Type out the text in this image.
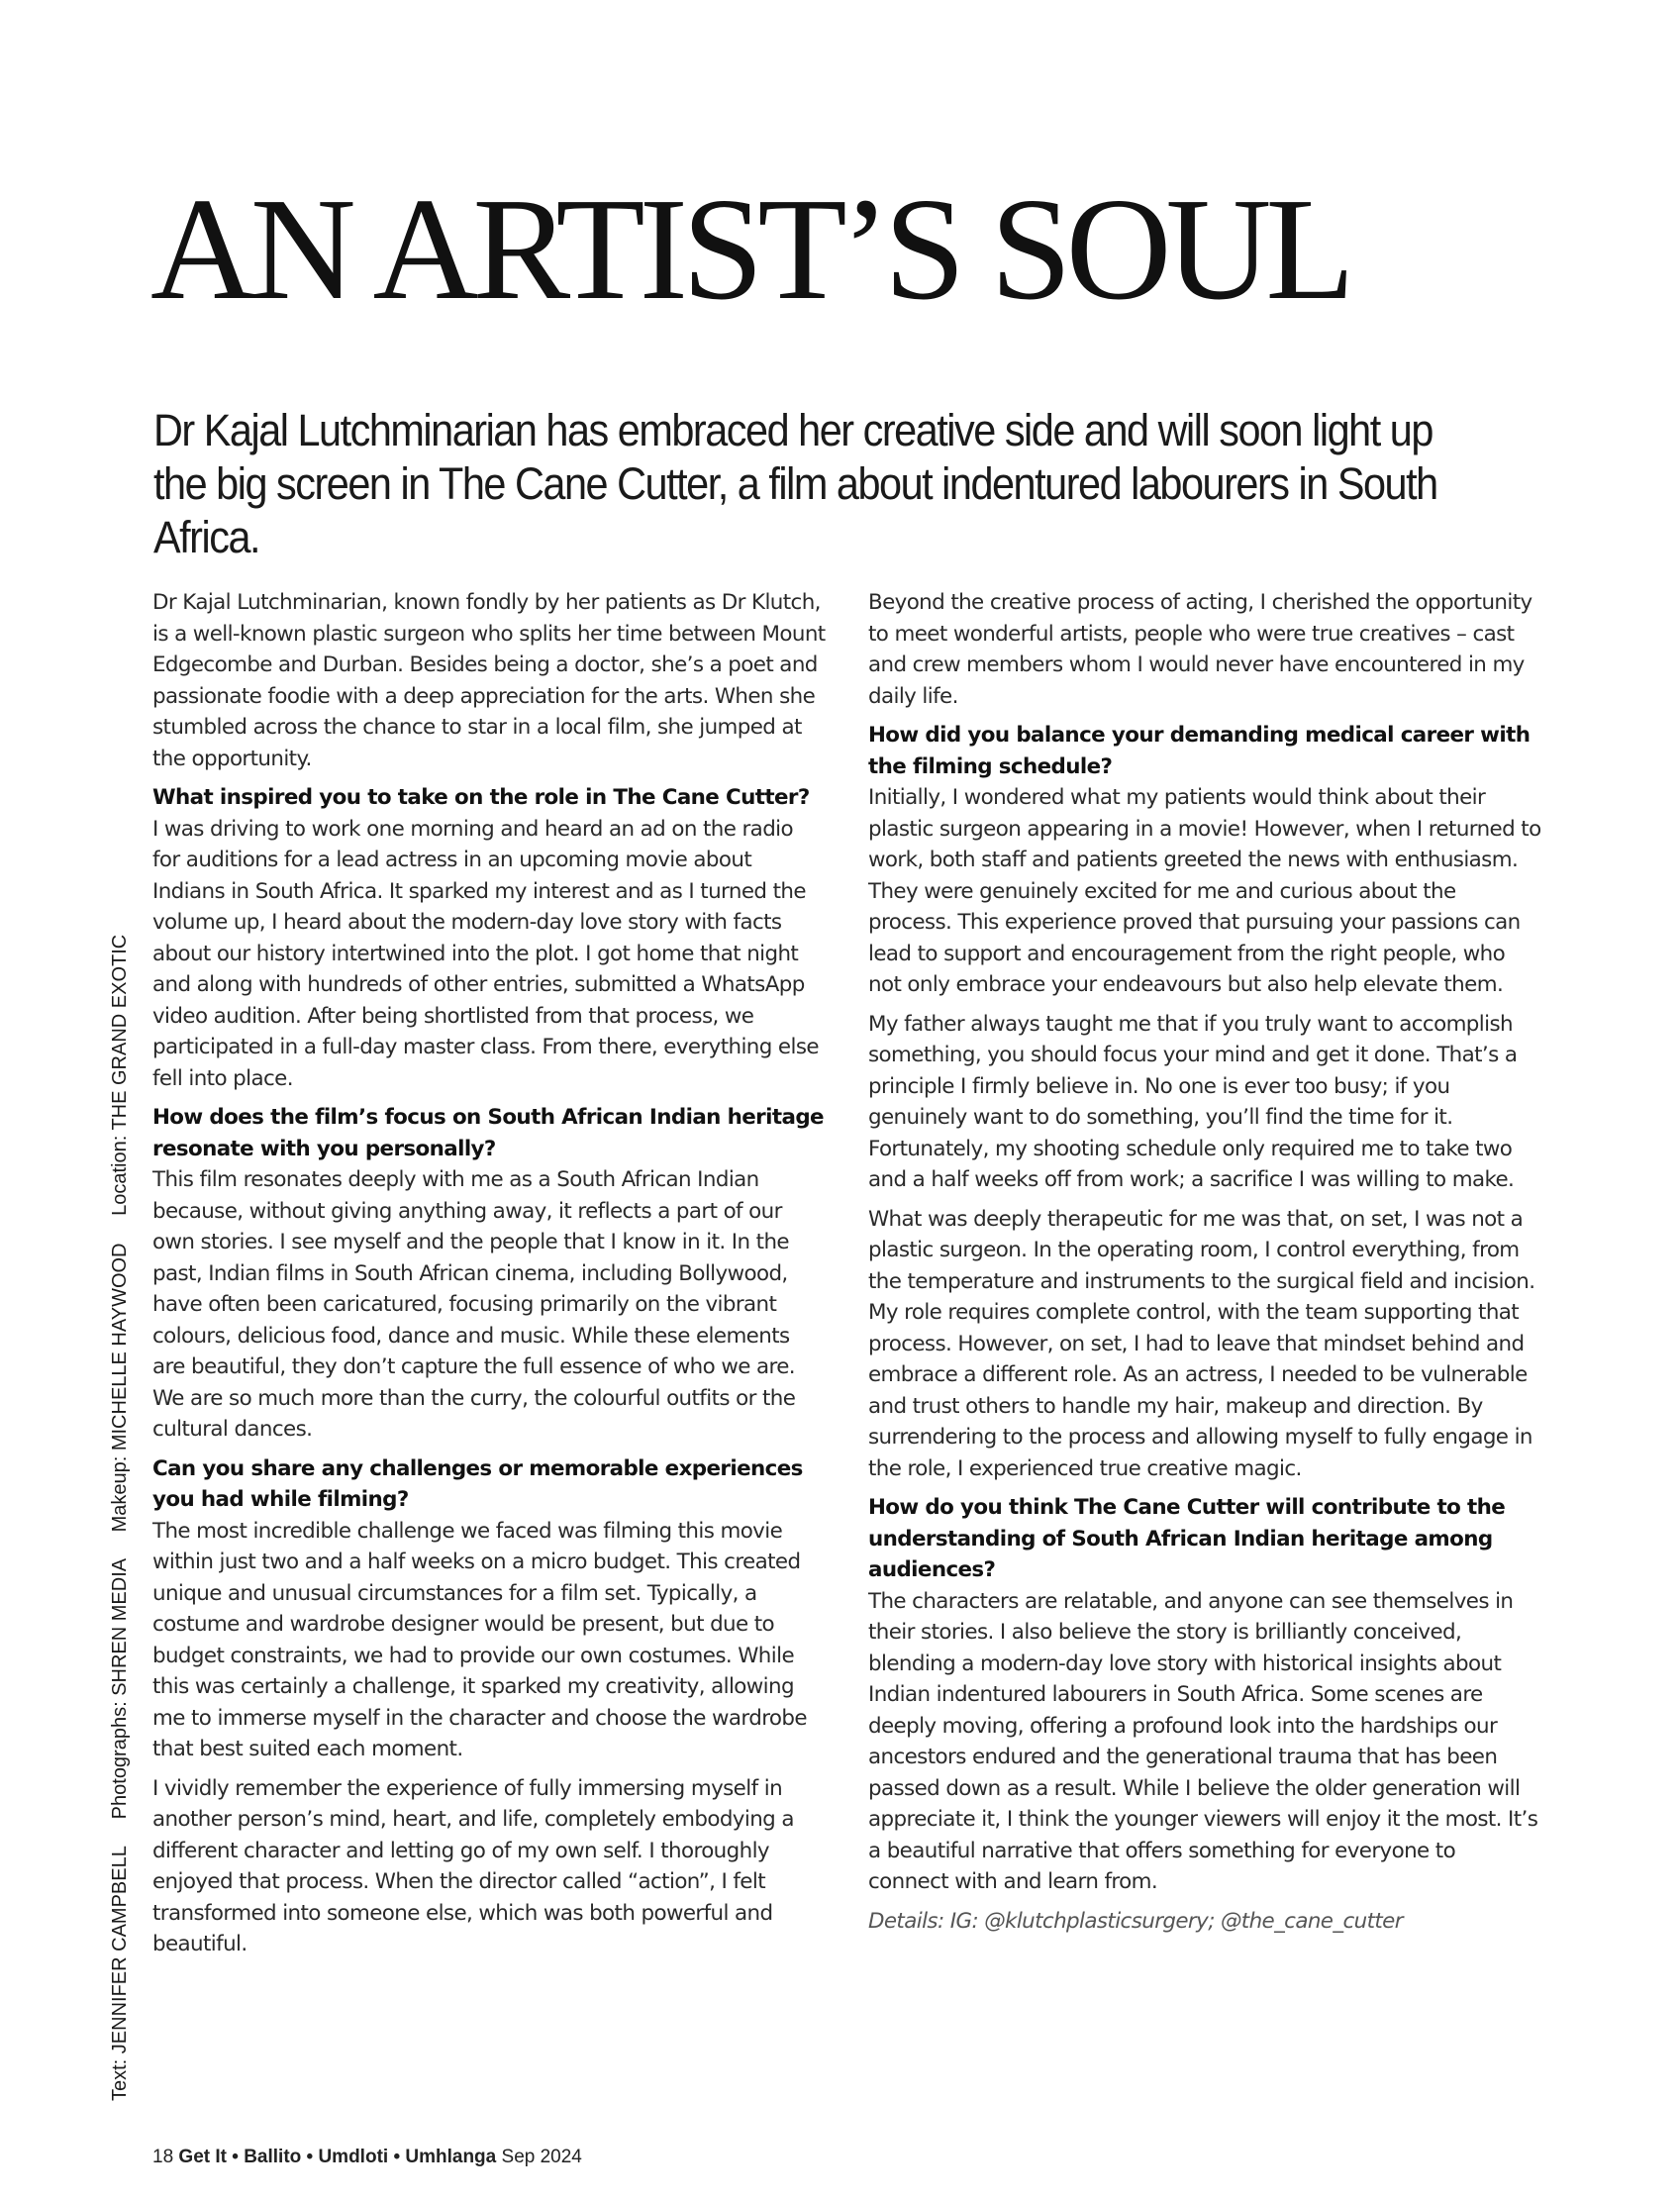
AN ARTIST’S SOUL

Dr Kajal Lutchminarian has embraced her creative side and will soon light up the big screen in The Cane Cutter, a film about indentured labourers in South Africa.

Text: JENNIFER CAMPBELL Photographs: SHREN MEDIA Makeup: MICHELLE HAYWOOD Location: THE GRAND EXOTIC

Dr Kajal Lutchminarian, known fondly by her patients as Dr Klutch, is a well-known plastic surgeon who splits her time between Mount Edgecombe and Durban. Besides being a doctor, she’s a poet and passionate foodie with a deep appreciation for the arts. When she stumbled across the chance to star in a local film, she jumped at the opportunity.

What inspired you to take on the role in The Cane Cutter?

I was driving to work one morning and heard an ad on the radio for auditions for a lead actress in an upcoming movie about Indians in South Africa. It sparked my interest and as I turned the volume up, I heard about the modern-day love story with facts about our history intertwined into the plot. I got home that night and along with hundreds of other entries, submitted a WhatsApp video audition. After being shortlisted from that process, we participated in a full-day master class. From there, everything else fell into place.

How does the film’s focus on South African Indian heritage resonate with you personally?

This film resonates deeply with me as a South African Indian because, without giving anything away, it reflects a part of our own stories. I see myself and the people that I know in it. In the past, Indian films in South African cinema, including Bollywood, have often been caricatured, focusing primarily on the vibrant colours, delicious food, dance and music. While these elements are beautiful, they don’t capture the full essence of who we are. We are so much more than the curry, the colourful outfits or the cultural dances.

Can you share any challenges or memorable experiences you had while filming?

The most incredible challenge we faced was filming this movie within just two and a half weeks on a micro budget. This created unique and unusual circumstances for a film set. Typically, a costume and wardrobe designer would be present, but due to budget constraints, we had to provide our own costumes. While this was certainly a challenge, it sparked my creativity, allowing me to immerse myself in the character and choose the wardrobe that best suited each moment.

I vividly remember the experience of fully immersing myself in another person’s mind, heart, and life, completely embodying a different character and letting go of my own self. I thoroughly enjoyed that process. When the director called “action”, I felt transformed into someone else, which was both powerful and beautiful.

Beyond the creative process of acting, I cherished the opportunity to meet wonderful artists, people who were true creatives – cast and crew members whom I would never have encountered in my daily life.

How did you balance your demanding medical career with the filming schedule?

Initially, I wondered what my patients would think about their plastic surgeon appearing in a movie! However, when I returned to work, both staff and patients greeted the news with enthusiasm. They were genuinely excited for me and curious about the process. This experience proved that pursuing your passions can lead to support and encouragement from the right people, who not only embrace your endeavours but also help elevate them.

My father always taught me that if you truly want to accomplish something, you should focus your mind and get it done. That’s a principle I firmly believe in. No one is ever too busy; if you genuinely want to do something, you’ll find the time for it. Fortunately, my shooting schedule only required me to take two and a half weeks off from work; a sacrifice I was willing to make.

What was deeply therapeutic for me was that, on set, I was not a plastic surgeon. In the operating room, I control everything, from the temperature and instruments to the surgical field and incision. My role requires complete control, with the team supporting that process. However, on set, I had to leave that mindset behind and embrace a different role. As an actress, I needed to be vulnerable and trust others to handle my hair, makeup and direction. By surrendering to the process and allowing myself to fully engage in the role, I experienced true creative magic.

How do you think The Cane Cutter will contribute to the understanding of South African Indian heritage among audiences?

The characters are relatable, and anyone can see themselves in their stories. I also believe the story is brilliantly conceived, blending a modern-day love story with historical insights about Indian indentured labourers in South Africa. Some scenes are deeply moving, offering a profound look into the hardships our ancestors endured and the generational trauma that has been passed down as a result. While I believe the older generation will appreciate it, I think the younger viewers will enjoy it the most. It’s a beautiful narrative that offers something for everyone to connect with and learn from.

Details: IG: @klutchplasticsurgery; @the_cane_cutter
18 Get It • Ballito • Umdloti • Umhlanga Sep 2024
